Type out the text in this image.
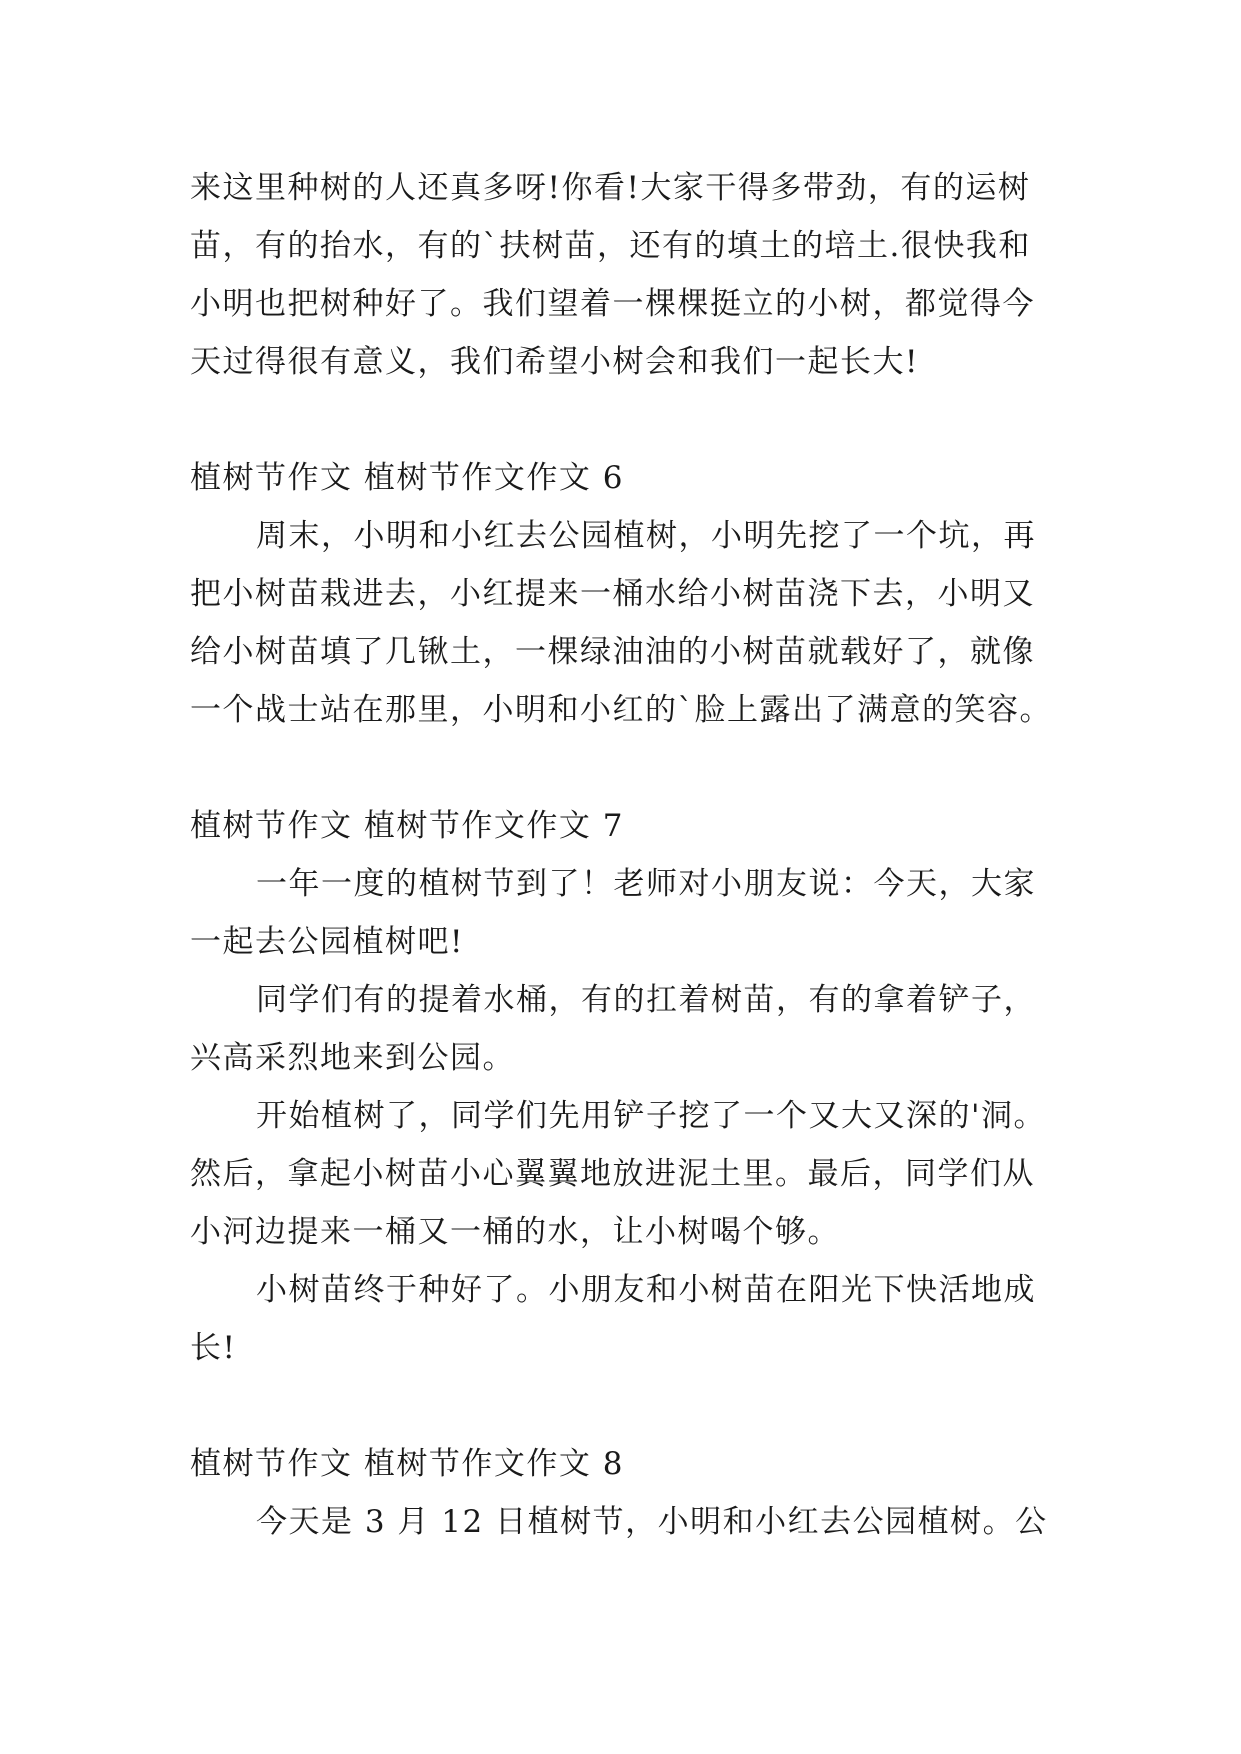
来这里种树的人还真多呀!你看!大家干得多带劲，有的运树
苗，有的抬水，有的`扶树苗，还有的填土的培土.很快我和
小明也把树种好了。我们望着一棵棵挺立的小树，都觉得今
天过得很有意义，我们希望小树会和我们一起长大!
植树节作文 植树节作文作文 6
周末，小明和小红去公园植树，小明先挖了一个坑，再
把小树苗栽进去，小红提来一桶水给小树苗浇下去，小明又
给小树苗填了几锹土，一棵绿油油的小树苗就载好了，就像
一个战士站在那里，小明和小红的`脸上露出了满意的笑容。
植树节作文 植树节作文作文 7
一年一度的植树节到了！老师对小朋友说：今天，大家
一起去公园植树吧!
同学们有的提着水桶，有的扛着树苗，有的拿着铲子，
兴高采烈地来到公园。
开始植树了，同学们先用铲子挖了一个又大又深的'洞。
然后，拿起小树苗小心翼翼地放进泥土里。最后，同学们从
小河边提来一桶又一桶的水，让小树喝个够。
小树苗终于种好了。小朋友和小树苗在阳光下快活地成
长!
植树节作文 植树节作文作文 8
今天是 3 月 12 日植树节，小明和小红去公园植树。公
